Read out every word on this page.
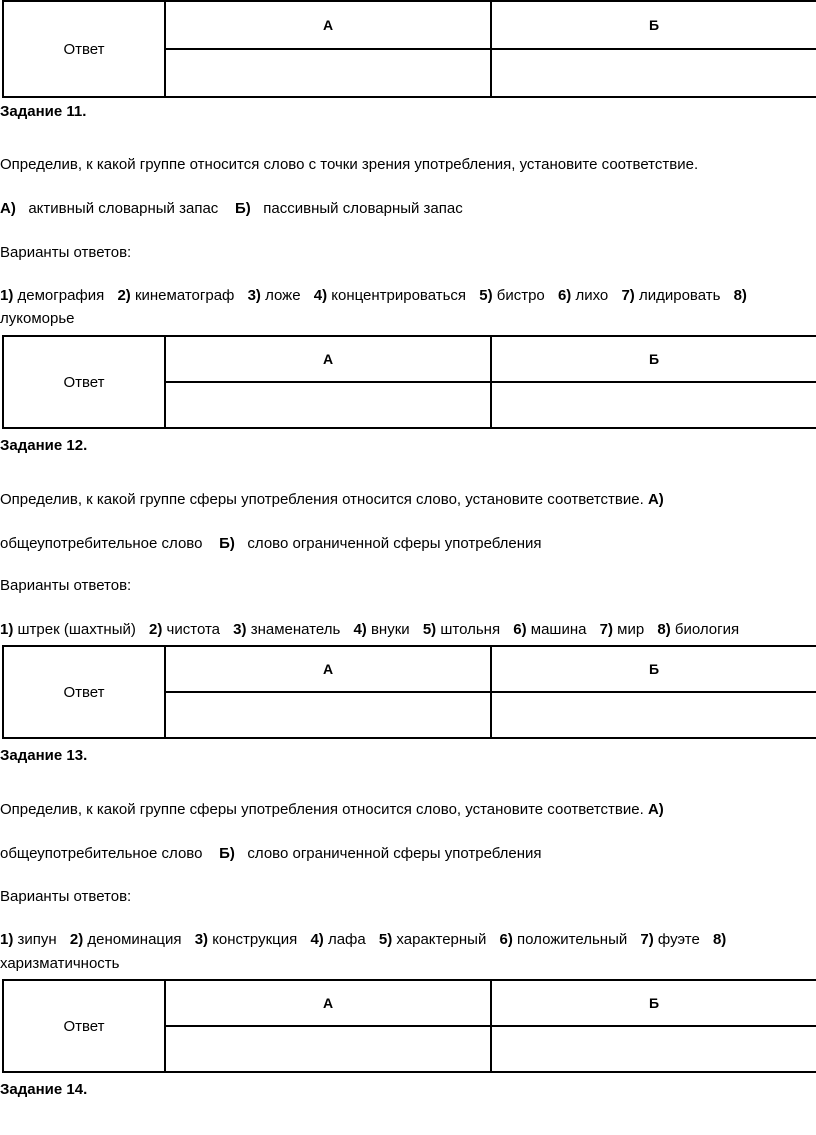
Ответ	А	Б

Задание 11.
Определив, к какой группе относится слово с точки зрения употребления, установите соответствие.
А) активный словарный запас Б) пассивный словарный запас
Варианты ответов:
1) демография 2) кинематограф 3) ложе 4) концентрироваться 5) бистро 6) лихо 7) лидировать 8)
лукоморье
Ответ	А	Б

Задание 12.
Определив, к какой группе сферы употребления относится слово, установите соответствие. А)
общеупотребительное слово Б) слово ограниченной сферы употребления
Варианты ответов:
1) штрек (шахтный) 2) чистота 3) знаменатель 4) внуки 5) штольня 6) машина 7) мир 8) биология
Ответ	А	Б

Задание 13.
Определив, к какой группе сферы употребления относится слово, установите соответствие. А)
общеупотребительное слово Б) слово ограниченной сферы употребления
Варианты ответов:
1) зипун 2) деноминация 3) конструкция 4) лафа 5) характерный 6) положительный 7) фуэте 8)
харизматичность
Ответ	А	Б

Задание 14.
